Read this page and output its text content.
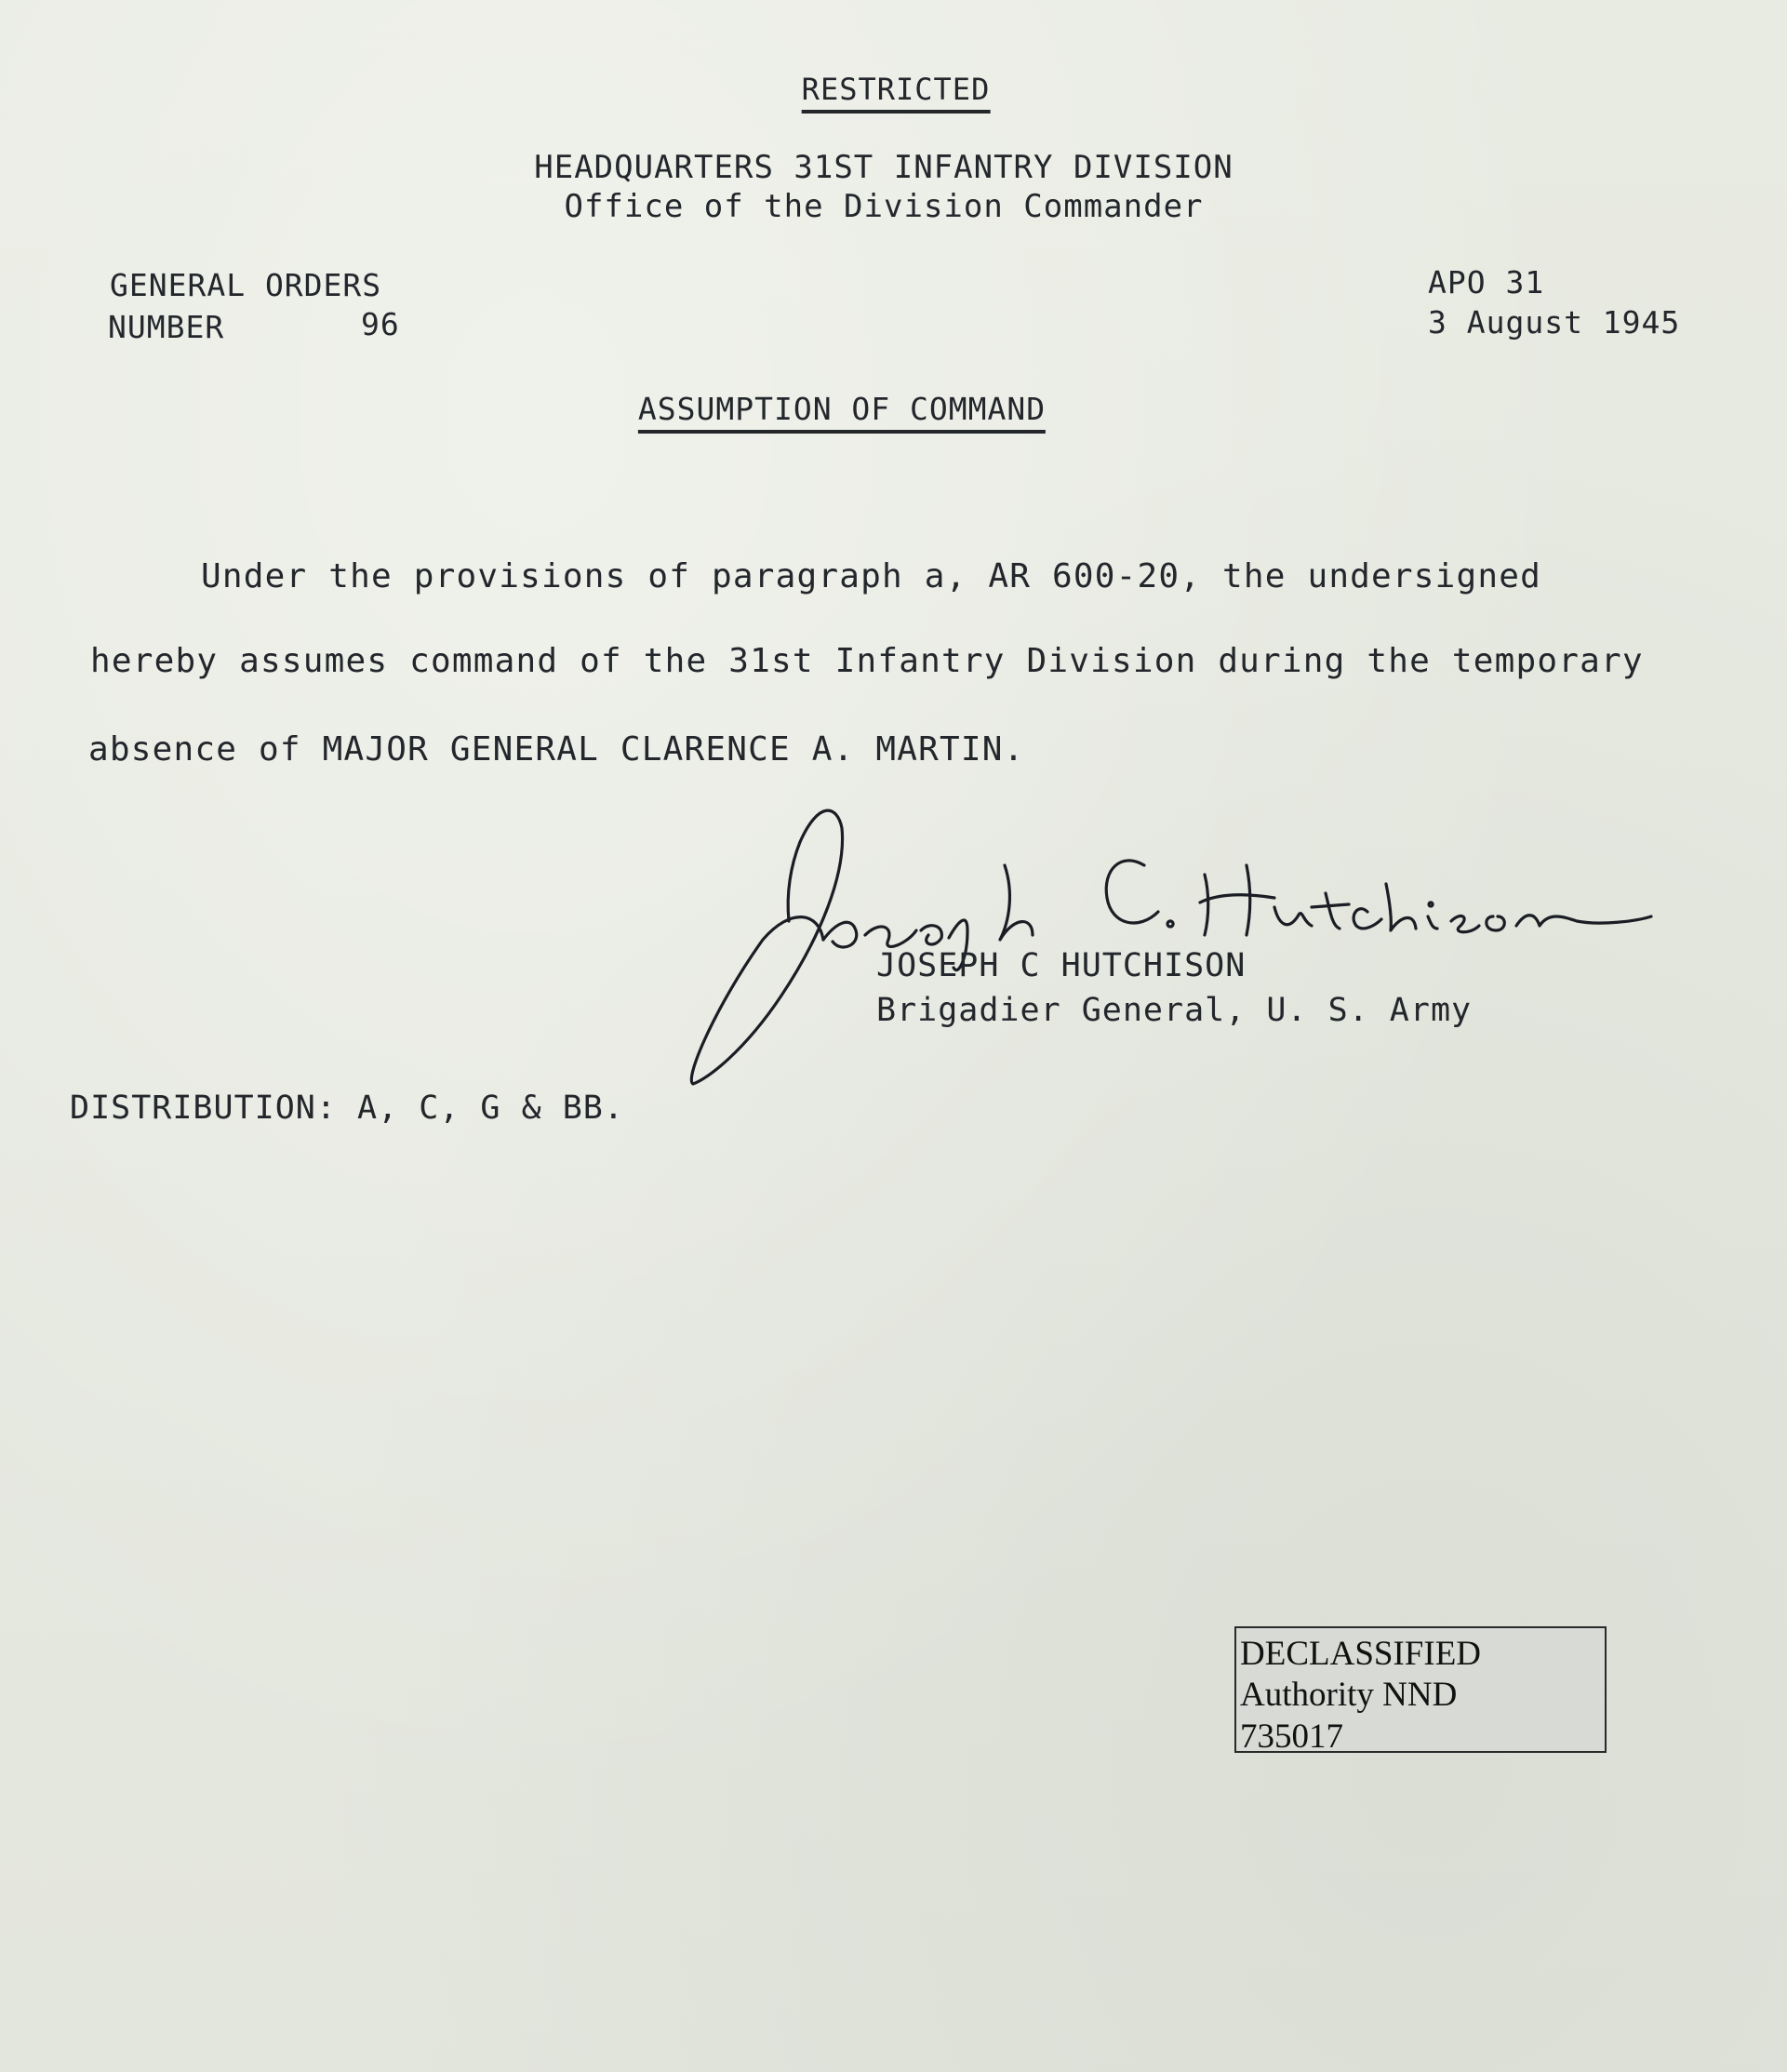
RESTRICTED
HEADQUARTERS 31ST INFANTRY DIVISION
Office of the Division Commander
GENERAL ORDERS
NUMBER	96
APO 31
3 August 1945
ASSUMPTION OF COMMAND
Under the provisions of paragraph a, AR 600-20, the undersigned
hereby assumes command of the 31st Infantry Division during the temporary
absence of MAJOR GENERAL CLARENCE A. MARTIN.
JOSEPH C HUTCHISON
Brigadier General, U. S. Army
DISTRIBUTION: A, C, G & BB.
DECLASSIFIED
Authority NND
735017
